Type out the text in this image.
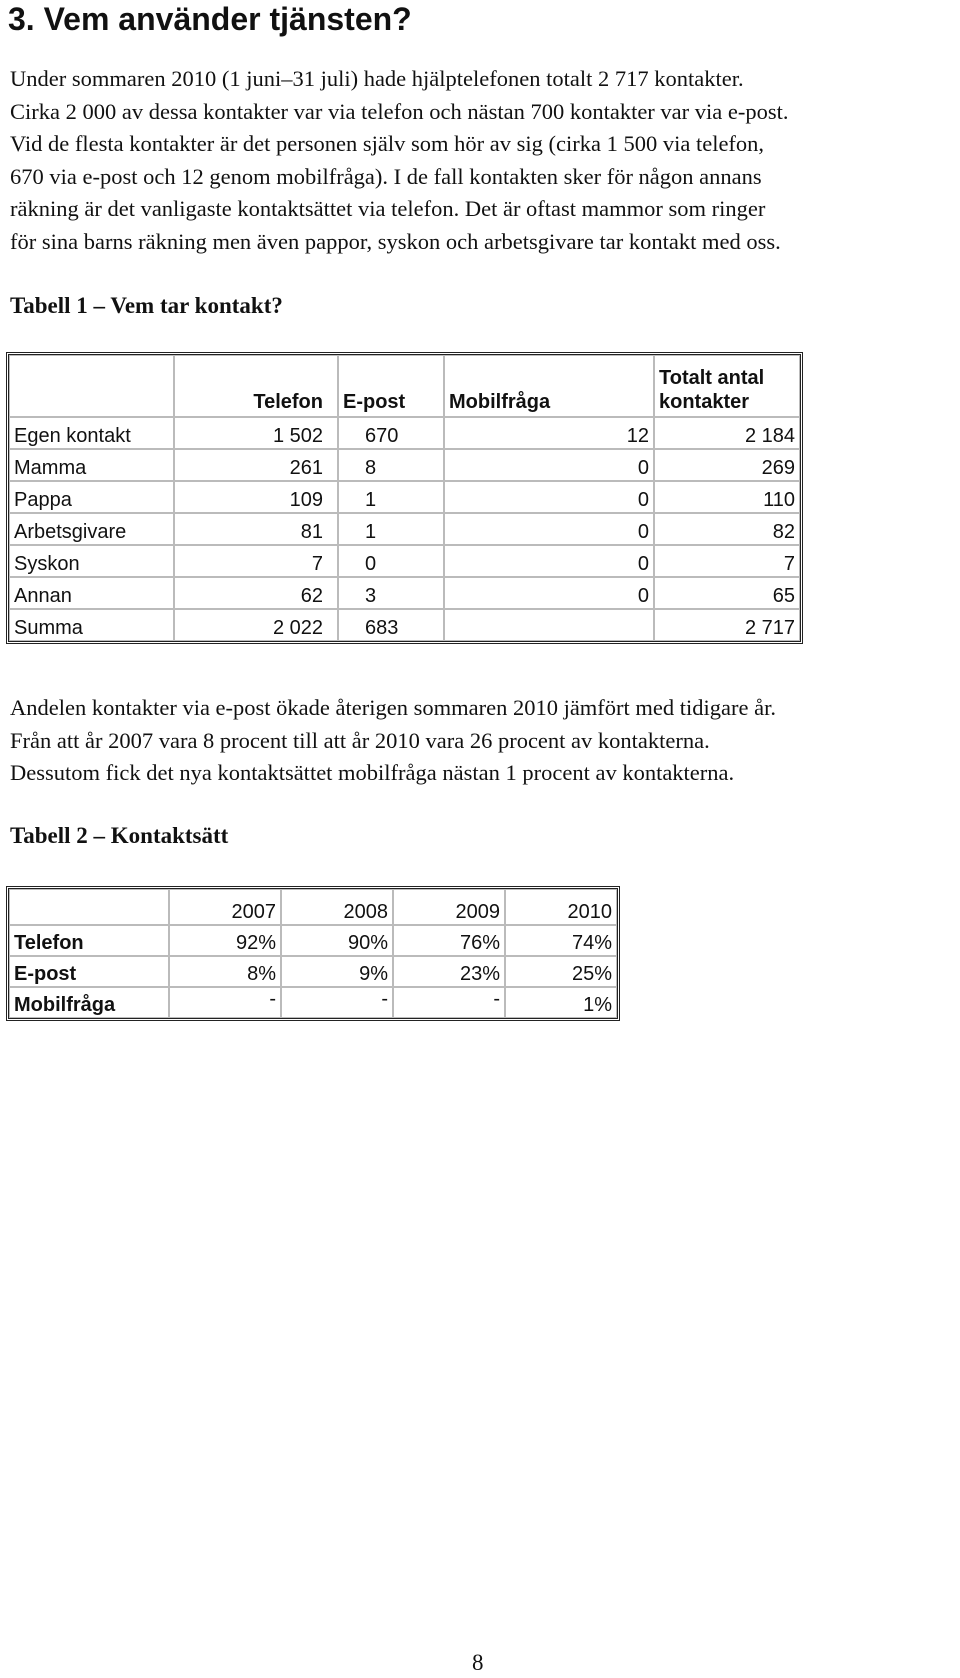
3. Vem använder tjänsten?

Under sommaren 2010 (1 juni–31 juli) hade hjälptelefonen totalt 2 717 kontakter.
Cirka 2 000 av dessa kontakter var via telefon och nästan 700 kontakter var via e-post.
Vid de flesta kontakter är det personen själv som hör av sig (cirka 1 500 via telefon,
670 via e-post och 12 genom mobilfråga). I de fall kontakten sker för någon annans
räkning är det vanligaste kontaktsättet via telefon. Det är oftast mammor som ringer
för sina barns räkning men även pappor, syskon och arbetsgivare tar kontakt med oss.

Tabell 1 – Vem tar kontakt?
	Telefon	E-post	Mobilfråga	Totalt antal
kontakter

Egen kontakt	1 502	670	12	2 184
Mamma	261	8	0	269
Pappa	109	1	0	110
Arbetsgivare	81	1	0	82
Syskon	7	0	0	7
Annan	62	3	0	65
Summa	2 022	683		2 717

Andelen kontakter via e-post ökade återigen sommaren 2010 jämfört med tidigare år.
Från att år 2007 vara 8 procent till att år 2010 vara 26 procent av kontakterna.
Dessutom fick det nya kontaktsättet mobilfråga nästan 1 procent av kontakterna.

Tabell 2 – Kontaktsätt
	2007	2008	2009	2010
Telefon	92%	90%	76%	74%
E-post	8%	9%	23%	25%
Mobilfråga	-	-	-	1%
8
